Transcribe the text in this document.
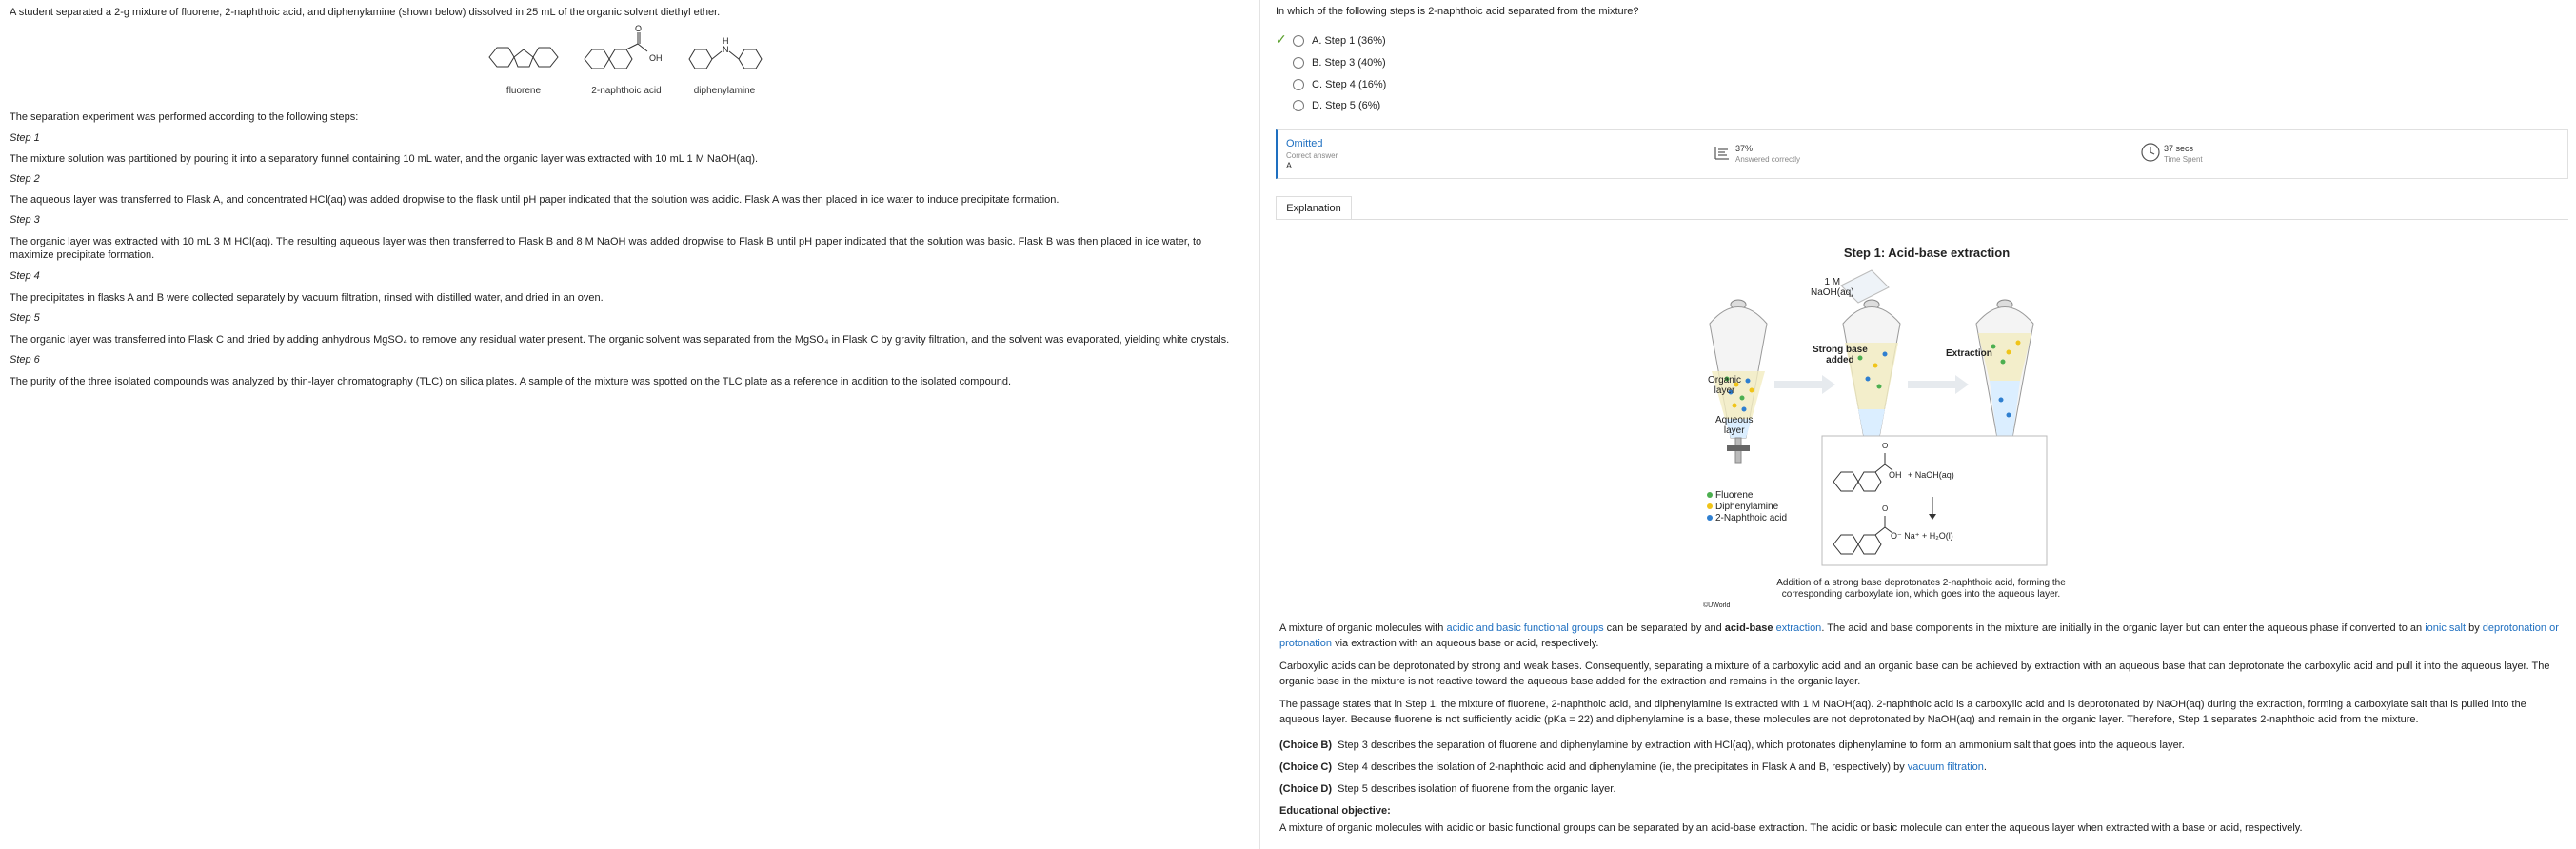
A student separated a 2-g mixture of fluorene, 2-naphthoic acid, and diphenylamine (shown below) dissolved in 25 mL of the organic solvent diethyl ether.

fluorene
O
OH
2-naphthoic acid
H
N
diphenylamine

The separation experiment was performed according to the following steps:

Step 1

The mixture solution was partitioned by pouring it into a separatory funnel containing 10 mL water, and the organic layer was extracted with 10 mL 1 M NaOH(aq).

Step 2

The aqueous layer was transferred to Flask A, and concentrated HCl(aq) was added dropwise to the flask until pH paper indicated that the solution was acidic. Flask A was then placed in ice water to induce precipitate formation.

Step 3

The organic layer was extracted with 10 mL 3 M HCl(aq). The resulting aqueous layer was then transferred to Flask B and 8 M NaOH was added dropwise to Flask B until pH paper indicated that the solution was basic. Flask B was then placed in ice water, to maximize precipitate formation.

Step 4

The precipitates in flasks A and B were collected separately by vacuum filtration, rinsed with distilled water, and dried in an oven.

Step 5

The organic layer was transferred into Flask C and dried by adding anhydrous MgSO₄ to remove any residual water present. The organic solvent was separated from the MgSO₄ in Flask C by gravity filtration, and the solvent was evaporated, yielding white crystals.

Step 6

The purity of the three isolated compounds was analyzed by thin-layer chromatography (TLC) on silica plates. A sample of the mixture was spotted on the TLC plate as a reference in addition to the isolated compound.

In which of the following steps is 2-naphthoic acid separated from the mixture?

✓ A.
Step 1
(36%)
B.
Step 3
(40%)
C.
Step 4
(16%)
D.
Step 5
(6%)
Omitted
Correct answer
A
37%
Answered correctly
37 secs
Time Spent
Explanation
Step 1: Acid-base extraction
1 M
NaOH(aq)
Strong base
added
Extraction
Organic
layer
Aqueous
layer
Fluorene
Diphenylamine
2-Naphthoic acid
O
OH + NaOH(aq)
O
O⁻ Na⁺ + H₂O(l)

Addition of a strong base deprotonates 2-naphthoic acid, forming the corresponding carboxylate ion, which goes into the aqueous layer.

©UWorld

A mixture of organic molecules with acidic and basic functional groups can be separated by and acid-base extraction. The acid and base components in the mixture are initially in the organic layer but can enter the aqueous phase if converted to an ionic salt by deprotonation or protonation via extraction with an aqueous base or acid, respectively.

Carboxylic acids can be deprotonated by strong and weak bases. Consequently, separating a mixture of a carboxylic acid and an organic base can be achieved by extraction with an aqueous base that can deprotonate the carboxylic acid and pull it into the aqueous layer. The organic base in the mixture is not reactive toward the aqueous base added for the extraction and remains in the organic layer.

The passage states that in Step 1, the mixture of fluorene, 2-naphthoic acid, and diphenylamine is extracted with 1 M NaOH(aq). 2-naphthoic acid is a carboxylic acid and is deprotonated by NaOH(aq) during the extraction, forming a carboxylate salt that is pulled into the aqueous layer. Because fluorene is not sufficiently acidic (pKa = 22) and diphenylamine is a base, these molecules are not deprotonated by NaOH(aq) and remain in the organic layer. Therefore, Step 1 separates 2-naphthoic acid from the mixture.

(Choice B) Step 3 describes the separation of fluorene and diphenylamine by extraction with HCl(aq), which protonates diphenylamine to form an ammonium salt that goes into the aqueous layer.

(Choice C) Step 4 describes the isolation of 2-naphthoic acid and diphenylamine (ie, the precipitates in Flask A and B, respectively) by vacuum filtration.

(Choice D) Step 5 describes isolation of fluorene from the organic layer.

Educational objective:

A mixture of organic molecules with acidic or basic functional groups can be separated by an acid-base extraction. The acidic or basic molecule can enter the aqueous layer when extracted with a base or acid, respectively.
